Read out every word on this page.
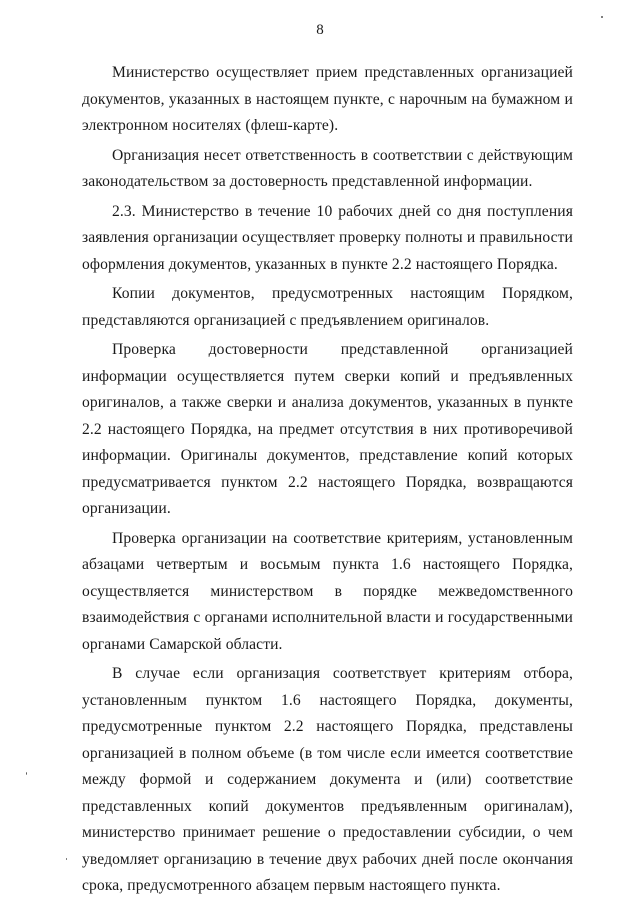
8

Министерство осуществляет прием представленных организацией документов, указанных в настоящем пункте, с нарочным на бумажном и электронном носителях (флеш-карте).

Организация несет ответственность в соответствии с действующим законодательством за достоверность представленной информации.

2.3. Министерство в течение 10 рабочих дней со дня поступления заявления организации осуществляет проверку полноты и правильности оформления документов, указанных в пункте 2.2 настоящего Порядка.

Копии документов, предусмотренных настоящим Порядком, представляются организацией с предъявлением оригиналов.

Проверка достоверности представленной организацией информации осуществляется путем сверки копий и предъявленных оригиналов, а также сверки и анализа документов, указанных в пункте 2.2 настоящего Порядка, на предмет отсутствия в них противоречивой информации. Оригиналы документов, представление копий которых предусматривается пунктом 2.2 настоящего Порядка, возвращаются организации.

Проверка организации на соответствие критериям, установленным абзацами четвертым и восьмым пункта 1.6 настоящего Порядка, осуществляется министерством в порядке межведомственного взаимодействия с органами исполнительной власти и государственными органами Самарской области.

В случае если организация соответствует критериям отбора, установленным пунктом 1.6 настоящего Порядка, документы, предусмотренные пунктом 2.2 настоящего Порядка, представлены организацией в полном объеме (в том числе если имеется соответствие между формой и содержанием документа и (или) соответствие представленных копий документов предъявленным оригиналам), министерство принимает решение о предоставлении субсидии, о чем уведомляет организацию в течение двух рабочих дней после окончания срока, предусмотренного абзацем первым настоящего пункта.
